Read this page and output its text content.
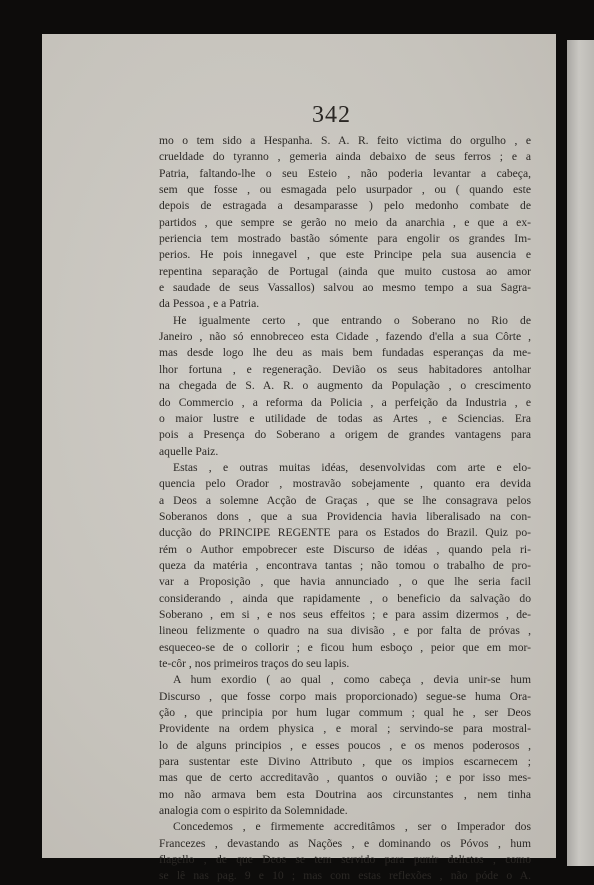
342
mo o tem sido a Hespanha. S. A. R. feito victima do orgulho , e
crueldade do tyranno , gemeria ainda debaixo de seus ferros ; e a
Patria, faltando-lhe o seu Esteio , não poderia levantar a cabeça,
sem que fosse , ou esmagada pelo usurpador , ou ( quando este
depois de estragada a desamparasse ) pelo medonho combate de
partidos , que sempre se gerão no meio da anarchia , e que a ex-
periencia tem mostrado bastão sómente para engolir os grandes Im-
perios. He pois innegavel , que este Principe pela sua ausencia e
repentina separação de Portugal (ainda que muito custosa ao amor
e saudade de seus Vassallos) salvou ao mesmo tempo a sua Sagra-
da Pessoa , e a Patria.
He igualmente certo , que entrando o Soberano no Rio de
Janeiro , não só ennobreceo esta Cidade , fazendo d'ella a sua Côrte ,
mas desde logo lhe deu as mais bem fundadas esperanças da me-
lhor fortuna , e regeneração. Devião os seus habitadores antolhar
na chegada de S. A. R. o augmento da População , o crescimento
do Commercio , a reforma da Policia , a perfeição da Industria , e
o maior lustre e utilidade de todas as Artes , e Sciencias. Era
pois a Presença do Soberano a origem de grandes vantagens para
aquelle Paiz.
Estas , e outras muitas idéas, desenvolvidas com arte e elo-
quencia pelo Orador , mostravão sobejamente , quanto era devida
a Deos a solemne Acção de Graças , que se lhe consagrava pelos
Soberanos dons , que a sua Providencia havia liberalisado na con-
ducção do PRINCIPE REGENTE para os Estados do Brazil. Quiz po-
rém o Author empobrecer este Discurso de idéas , quando pela ri-
queza da matéria , encontrava tantas ; não tomou o trabalho de pro-
var a Proposição , que havia annunciado , o que lhe seria facil
considerando , ainda que rapidamente , o beneficio da salvação do
Soberano , em si , e nos seus effeitos ; e para assim dizermos , de-
lineou felizmente o quadro na sua divisão , e por falta de próvas ,
esqueceo-se de o collorir ; e ficou hum esboço , peior que em mor-
te-côr , nos primeiros traços do seu lapis.
A hum exordio ( ao qual , como cabeça , devia unir-se hum
Discurso , que fosse corpo mais proporcionado) segue-se huma Ora-
ção , que principia por hum lugar commum ; qual he , ser Deos
Providente na ordem physica , e moral ; servindo-se para mostral-
lo de alguns principios , e esses poucos , e os menos poderosos ,
para sustentar este Divino Attributo , que os impios escarnecem ;
mas que de certo accreditavão , quantos o ouvião ; e por isso mes-
mo não armava bem esta Doutrina aos circunstantes , nem tinha
analogia com o espirito da Solemnidade.
Concedemos , e firmemente accreditâmos , ser o Imperador dos
Francezes , devastando as Nações , e dominando os Póvos , hum
flagello , de que Deos se tem servido para punir delictos , como
se lê nas pag. 9 e 10 ; mas com estas reflexões , não póde o A.
